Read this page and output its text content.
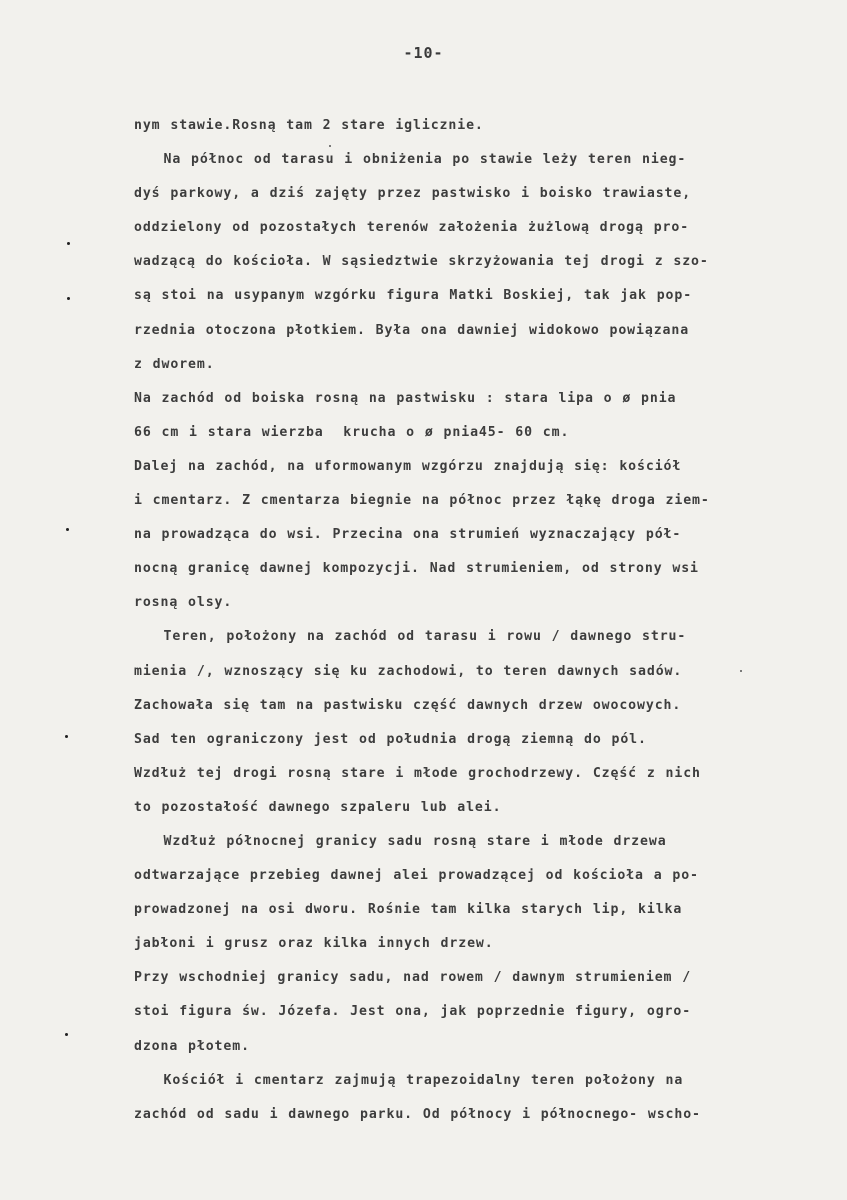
-10-
nym stawie.Rosną tam 2 stare iglicznie.
Na północ od tarasu i obniżenia po stawie leży teren nieg-
dyś parkowy, a dziś zajęty przez pastwisko i boisko trawiaste,
oddzielony od pozostałych terenów założenia żużlową drogą pro-
wadzącą do kościoła. W sąsiedztwie skrzyżowania tej drogi z szo-
są stoi na usypanym wzgórku figura Matki Boskiej, tak jak pop-
rzednia otoczona płotkiem. Była ona dawniej widokowo powiązana
z dworem.
Na zachód od boiska rosną na pastwisku : stara lipa o ø pnia
66 cm i stara wierzba  krucha o ø pnia45- 60 cm.
Dalej na zachód, na uformowanym wzgórzu znajdują się: kościół
i cmentarz. Z cmentarza biegnie na północ przez łąkę droga ziem-
na prowadząca do wsi. Przecina ona strumień wyznaczający pół-
nocną granicę dawnej kompozycji. Nad strumieniem, od strony wsi
rosną olsy.
Teren, położony na zachód od tarasu i rowu / dawnego stru-
mienia /, wznoszący się ku zachodowi, to teren dawnych sadów.
Zachowała się tam na pastwisku część dawnych drzew owocowych.
Sad ten ograniczony jest od południa drogą ziemną do pól.
Wzdłuż tej drogi rosną stare i młode grochodrzewy. Część z nich
to pozostałość dawnego szpaleru lub alei.
Wzdłuż północnej granicy sadu rosną stare i młode drzewa
odtwarzające przebieg dawnej alei prowadzącej od kościoła a po-
prowadzonej na osi dworu. Rośnie tam kilka starych lip, kilka
jabłoni i grusz oraz kilka innych drzew.
Przy wschodniej granicy sadu, nad rowem / dawnym strumieniem /
stoi figura św. Józefa. Jest ona, jak poprzednie figury, ogro-
dzona płotem.
Kościół i cmentarz zajmują trapezoidalny teren położony na
zachód od sadu i dawnego parku. Od północy i północnego- wscho-
